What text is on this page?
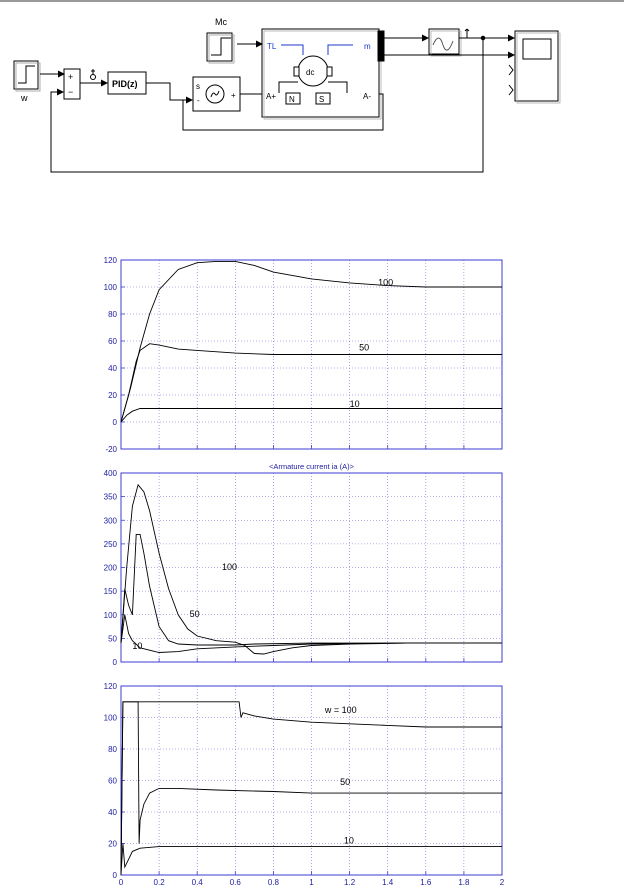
w
+
−
PID(z)
Mc
s
-
+
TL	m
A+	A-
dc
N	S
-20
0
20
40
60
80
100
120
100
50
10
0
50
100
150
200
250
300
350
400
<Armature current ia (A)>
100
50
10
0
20
40
60
80
100
120
0	0.2	0.4	0.6	0.8	1	1.2	1.4	1.6	1.8	2
w = 100
50
10
